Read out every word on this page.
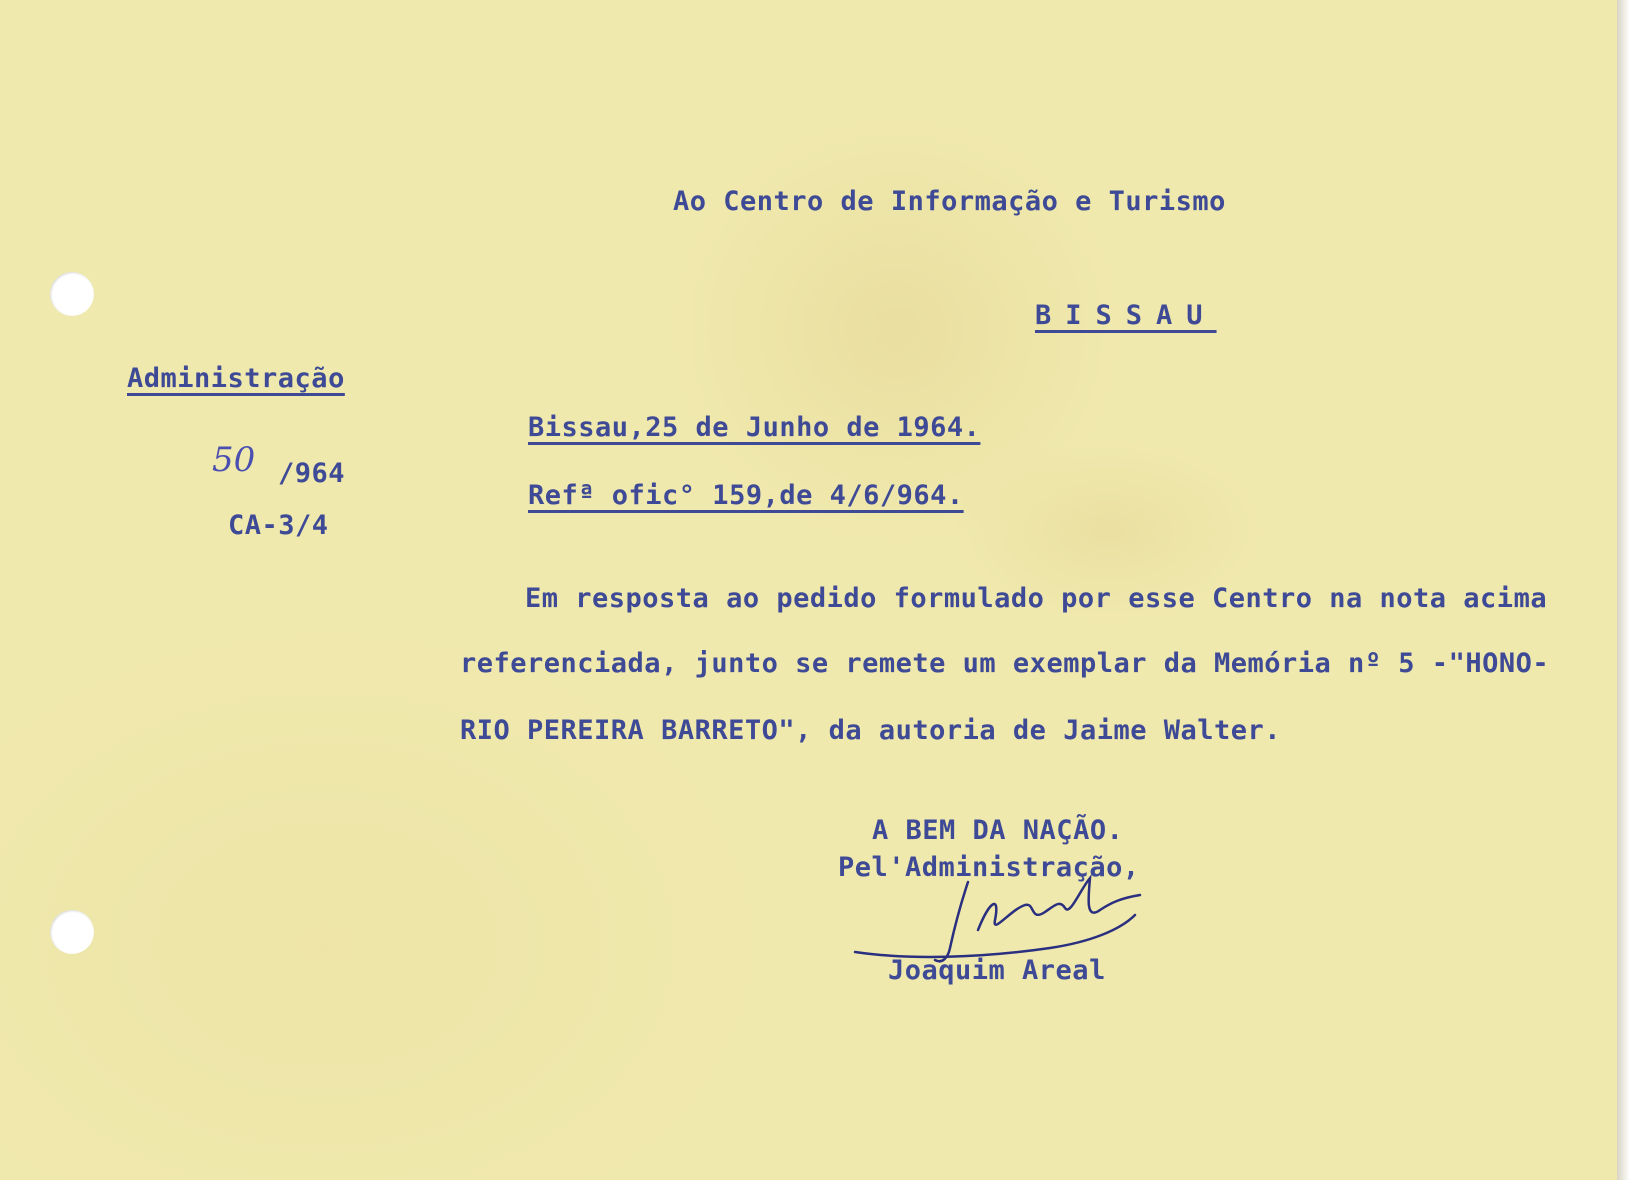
Ao Centro de Informação e Turismo
BISSAU
Administração
50 /964
CA-3/4
Bissau,25 de Junho de 1964.
Refª ofic° 159,de 4/6/964.
Em resposta ao pedido formulado por esse Centro na nota acima
referenciada, junto se remete um exemplar da Memória nº 5 -"HONO-
RIO PEREIRA BARRETO", da autoria de Jaime Walter.
A BEM DA NAÇÃO.
Pel'Administração,
Joaquim Areal
